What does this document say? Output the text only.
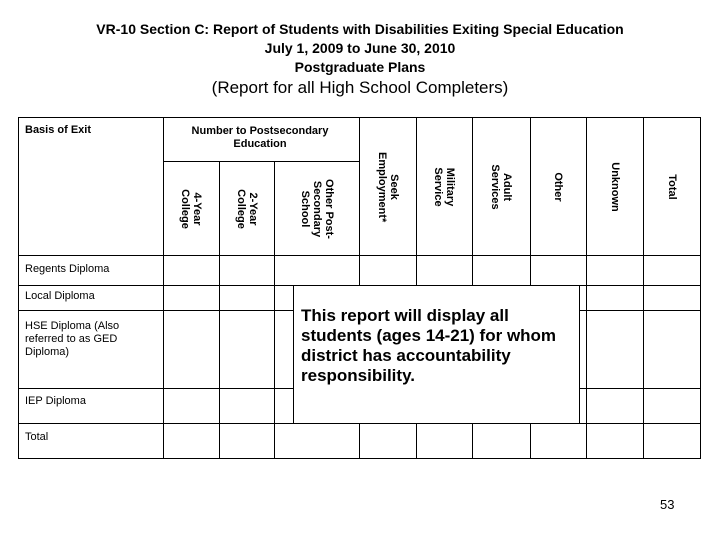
VR-10 Section C: Report of Students with Disabilities Exiting Special Education
July 1, 2009 to June 30, 2010
Postgraduate Plans
(Report for all High School Completers)
Basis of Exit	Number to Postsecondary Education
4-Year College	2-Year College	Other Post-Secondary School
Seek Employment*	Military Service	Adult Services	Other	Unknown	Total
Regents Diploma
Local Diploma
HSE Diploma (Also referred to as GED Diploma)
IEP Diploma
Total
This report will display all students (ages 14-21) for whom district has accountability responsibility.
53
